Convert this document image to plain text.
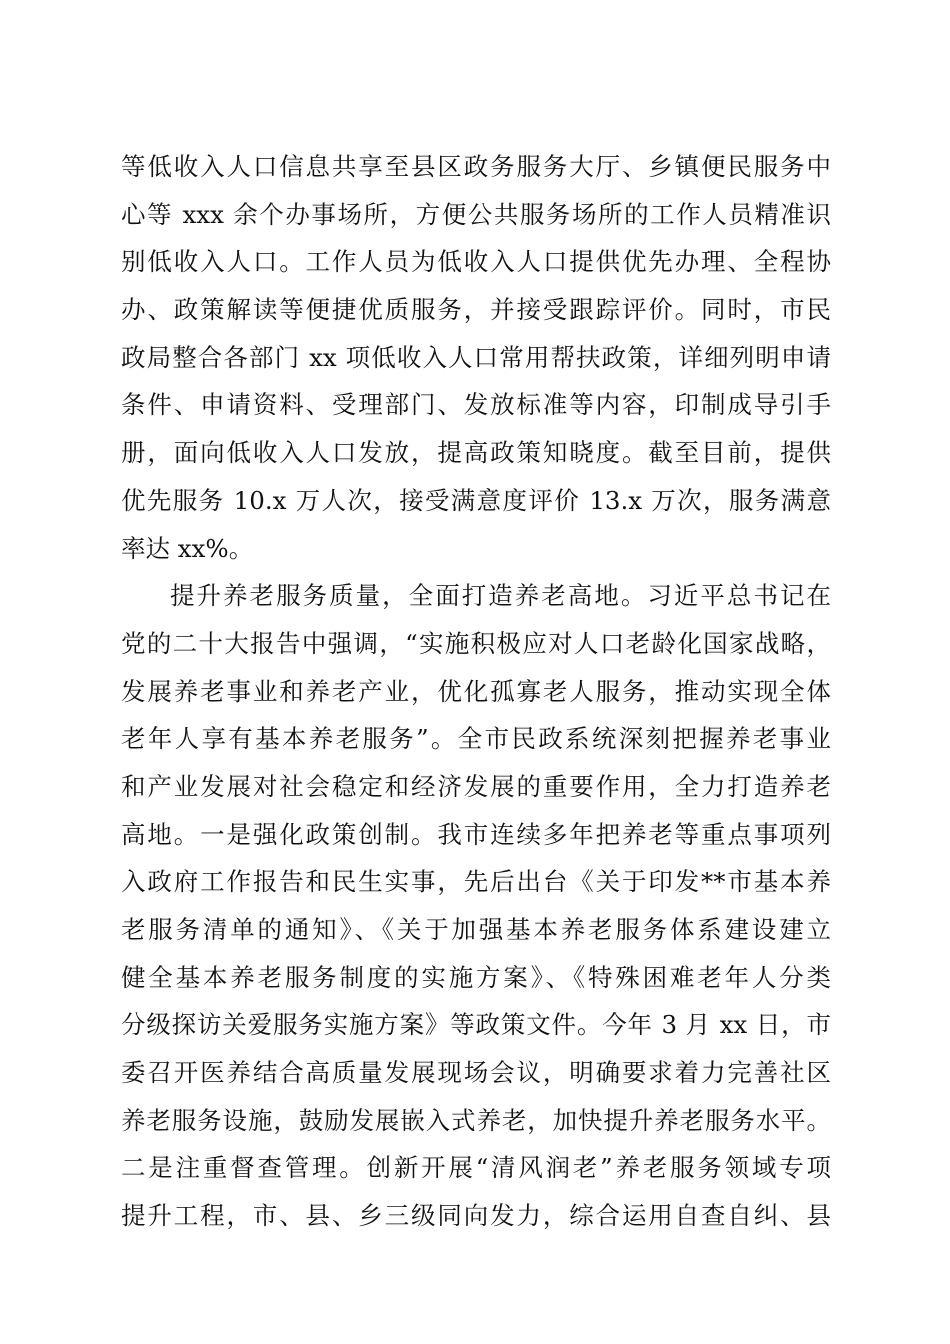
等低收入人口信息共享至县区政务服务大厅、乡镇便民服务中
心等 xxx 余个办事场所，方便公共服务场所的工作人员精准识
别低收入人口。工作人员为低收入人口提供优先办理、全程协
办、政策解读等便捷优质服务，并接受跟踪评价。同时，市民
政局整合各部门 xx 项低收入人口常用帮扶政策，详细列明申请
条件、申请资料、受理部门、发放标准等内容，印制成导引手
册，面向低收入人口发放，提高政策知晓度。截至目前，提供
优先服务 10.x 万人次，接受满意度评价 13.x 万次，服务满意
率达 xx%。
提升养老服务质量，全面打造养老高地。习近平总书记在
党的二十大报告中强调，“实施积极应对人口老龄化国家战略，
发展养老事业和养老产业，优化孤寡老人服务，推动实现全体
老年人享有基本养老服务”。全市民政系统深刻把握养老事业
和产业发展对社会稳定和经济发展的重要作用，全力打造养老
高地。一是强化政策创制。我市连续多年把养老等重点事项列
入政府工作报告和民生实事，先后出台《关于印发**市基本养
老服务清单的通知》、《关于加强基本养老服务体系建设建立
健全基本养老服务制度的实施方案》、《特殊困难老年人分类
分级探访关爱服务实施方案》等政策文件。今年 3 月 xx 日，市
委召开医养结合高质量发展现场会议，明确要求着力完善社区
养老服务设施，鼓励发展嵌入式养老，加快提升养老服务水平。
二是注重督查管理。创新开展“清风润老”养老服务领域专项
提升工程，市、县、乡三级同向发力，综合运用自查自纠、县
